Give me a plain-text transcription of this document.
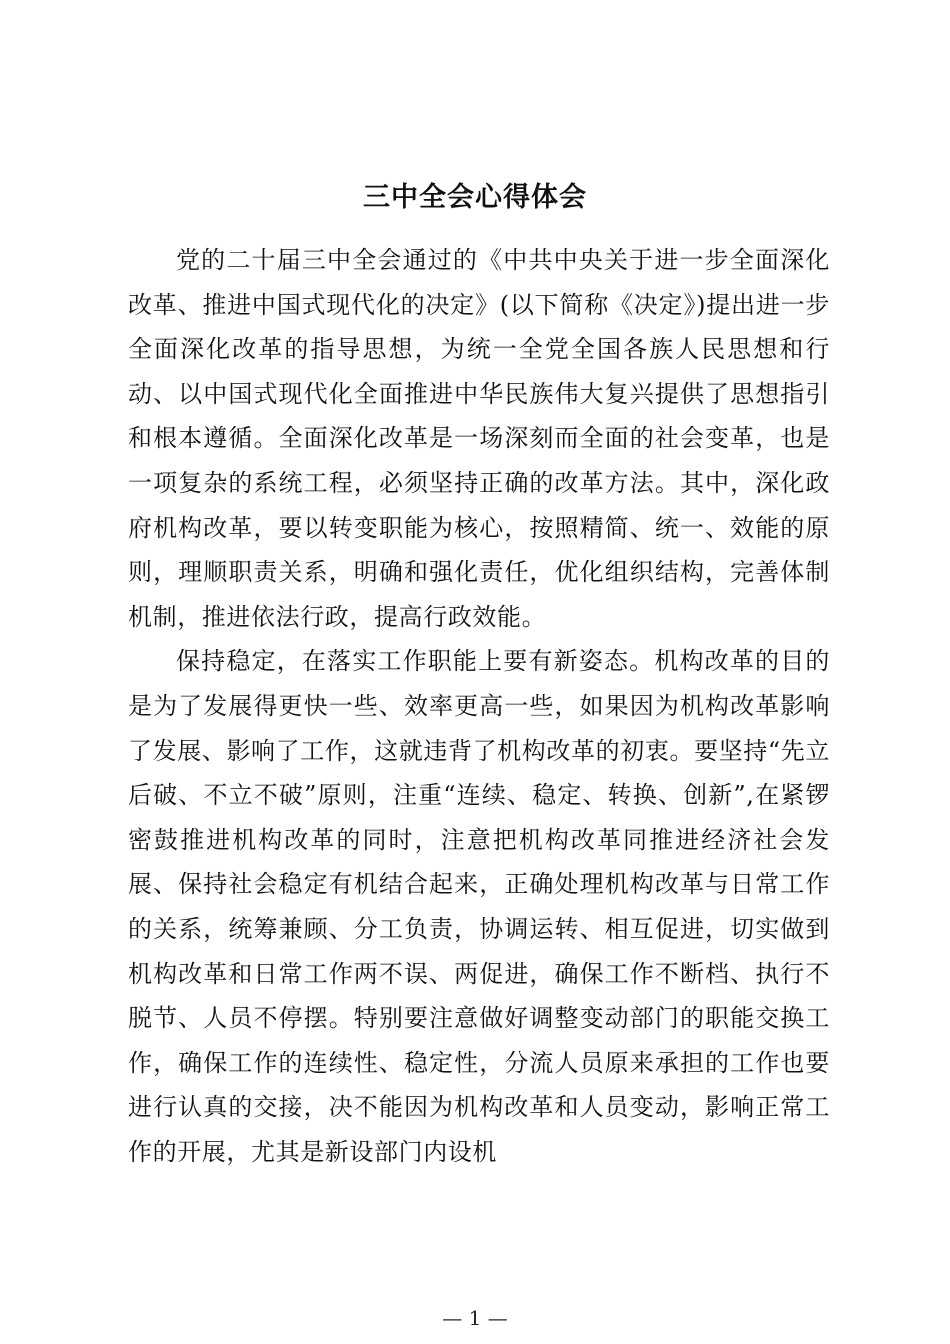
三中全会心得体会

党的二十届三中全会通过的《中共中央关于进一步全面深化改革、推进中国式现代化的决定》(以下简称《决定》)提出进一步全面深化改革的指导思想，为统一全党全国各族人民思想和行动、以中国式现代化全面推进中华民族伟大复兴提供了思想指引和根本遵循。全面深化改革是一场深刻而全面的社会变革，也是一项复杂的系统工程，必须坚持正确的改革方法。其中，深化政府机构改革，要以转变职能为核心，按照精简、统一、效能的原则，理顺职责关系，明确和强化责任，优化组织结构，完善体制机制，推进依法行政，提高行政效能。

保持稳定，在落实工作职能上要有新姿态。机构改革的目的是为了发展得更快一些、效率更高一些，如果因为机构改革影响了发展、影响了工作，这就违背了机构改革的初衷。要坚持“先立后破、不立不破”原则，注重“连续、稳定、转换、创新”,在紧锣密鼓推进机构改革的同时，注意把机构改革同推进经济社会发展、保持社会稳定有机结合起来，正确处理机构改革与日常工作的关系，统筹兼顾、分工负责，协调运转、相互促进，切实做到机构改革和日常工作两不误、两促进，确保工作不断档、执行不脱节、人员不停摆。特别要注意做好调整变动部门的职能交换工作，确保工作的连续性、稳定性，分流人员原来承担的工作也要进行认真的交接，决不能因为机构改革和人员变动，影响正常工作的开展，尤其是新设部门内设机

— 1 —
